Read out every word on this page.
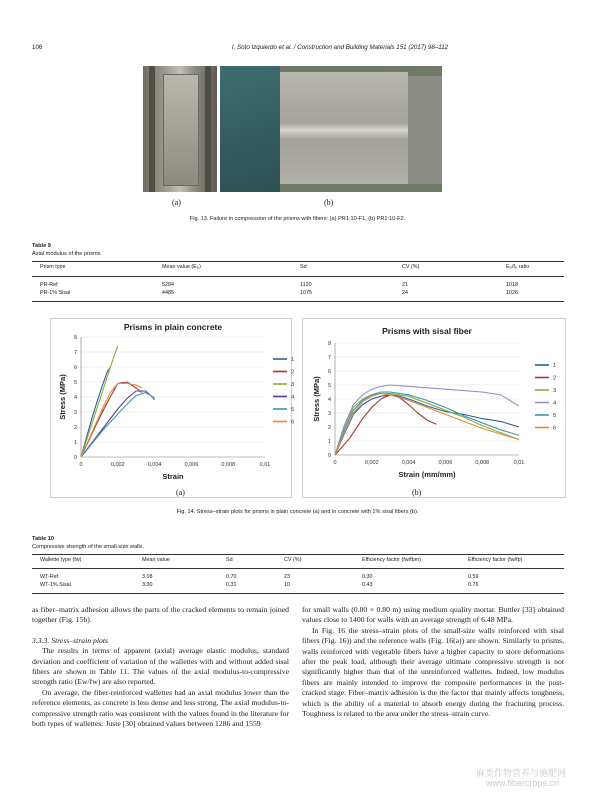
106	I. Soto Izquierdo et al. / Construction and Building Materials 151 (2017) 98–112
(a)	(b)
Fig. 13. Failure in compression of the prisms with fibers: (a) PR1:10-F1, (b) PR1:10-F2.
Table 9
Axial modulus of the prisms.
Prism type	Mean value (Eₚ)	Sd	CV (%)	Eₚ/fₚ ratio
PR-Ref	5284	1120	21	1018
PR-1% Sisal	4485	1075	24	1026
Prisms in plain concrete
0
1
2
3
4
5
6
7
8
0	0,002	0,004	0,006	0,008	0,01
Strain
Stress (MPa)
1
2
3
4
5
6
Prisms with sisal fiber
0
1
2
3
4
5
6
7
8
0	0,002	0,004	0,006	0,008	0,01
Strain (mm/mm)
Stress (MPa)
1
2
3
4
5
6
(a)	(b)
Fig. 14. Stress–strain plots for prisms in plain concrete (a) and in concrete with 1% sisal fibers (b).
Table 10
Compressive strength of the small-size walls.
Wallette type (fw)	Mean value	Sd	CV (%)	Efficiency factor (fw/fbm)	Efficiency factor (fw/fp)
WT-Ref	3.08	0.70	23	0.30	0.59
WT-1% Sisal	3.30	0.31	10	0.43	0.76

as fiber–matrix adhesion allows the parts of the cracked elements to remain joined together (Fig. 15b).

3.3.3. Stress–strain plots

The results in terms of apparent (axial) average elastic modulus, standard deviation and coefficient of variation of the wallettes with and without added sisal fibers are shown in Table 11. The values of the axial modulus-to-compressive strength ratio (Ew/fw) are also reported.

On average, the fiber-reinforced wallettes had an axial modulus lower than the reference elements, as concrete is less dense and less strong. The axial modulus-to-compressive strength ratio was consistent with the values found in the literature for both types of wallettes: Juste [30] obtained values between 1286 and 1559

for small walls (0.80 × 0.80 m) using medium quality mortar. Buttler [33] obtained values close to 1400 for walls with an average strength of 6.48 MPa.

In Fig. 16 the stress–strain plots of the small-size walls reinforced with sisal fibers (Fig. 16)) and the reference walls (Fig. 16(a)) are shown. Similarly to prisms, walls reinforced with vegetable fibers have a higher capacity to store deformations after the peak load, although their average ultimate compressive strength is not significantly higher than that of the unreinforced wallettes. Indeed, low modulus fibers are mainly intended to improve the composite performances in the post-cracked stage. Fiber–matrix adhesion is the the factor that mainly affects toughness, which is the ability of a material to absorb energy during the fracturing process. Toughness is related to the area under the stress–strain curve.

麻类作物营养与施肥网
www.fibercrops.cn
